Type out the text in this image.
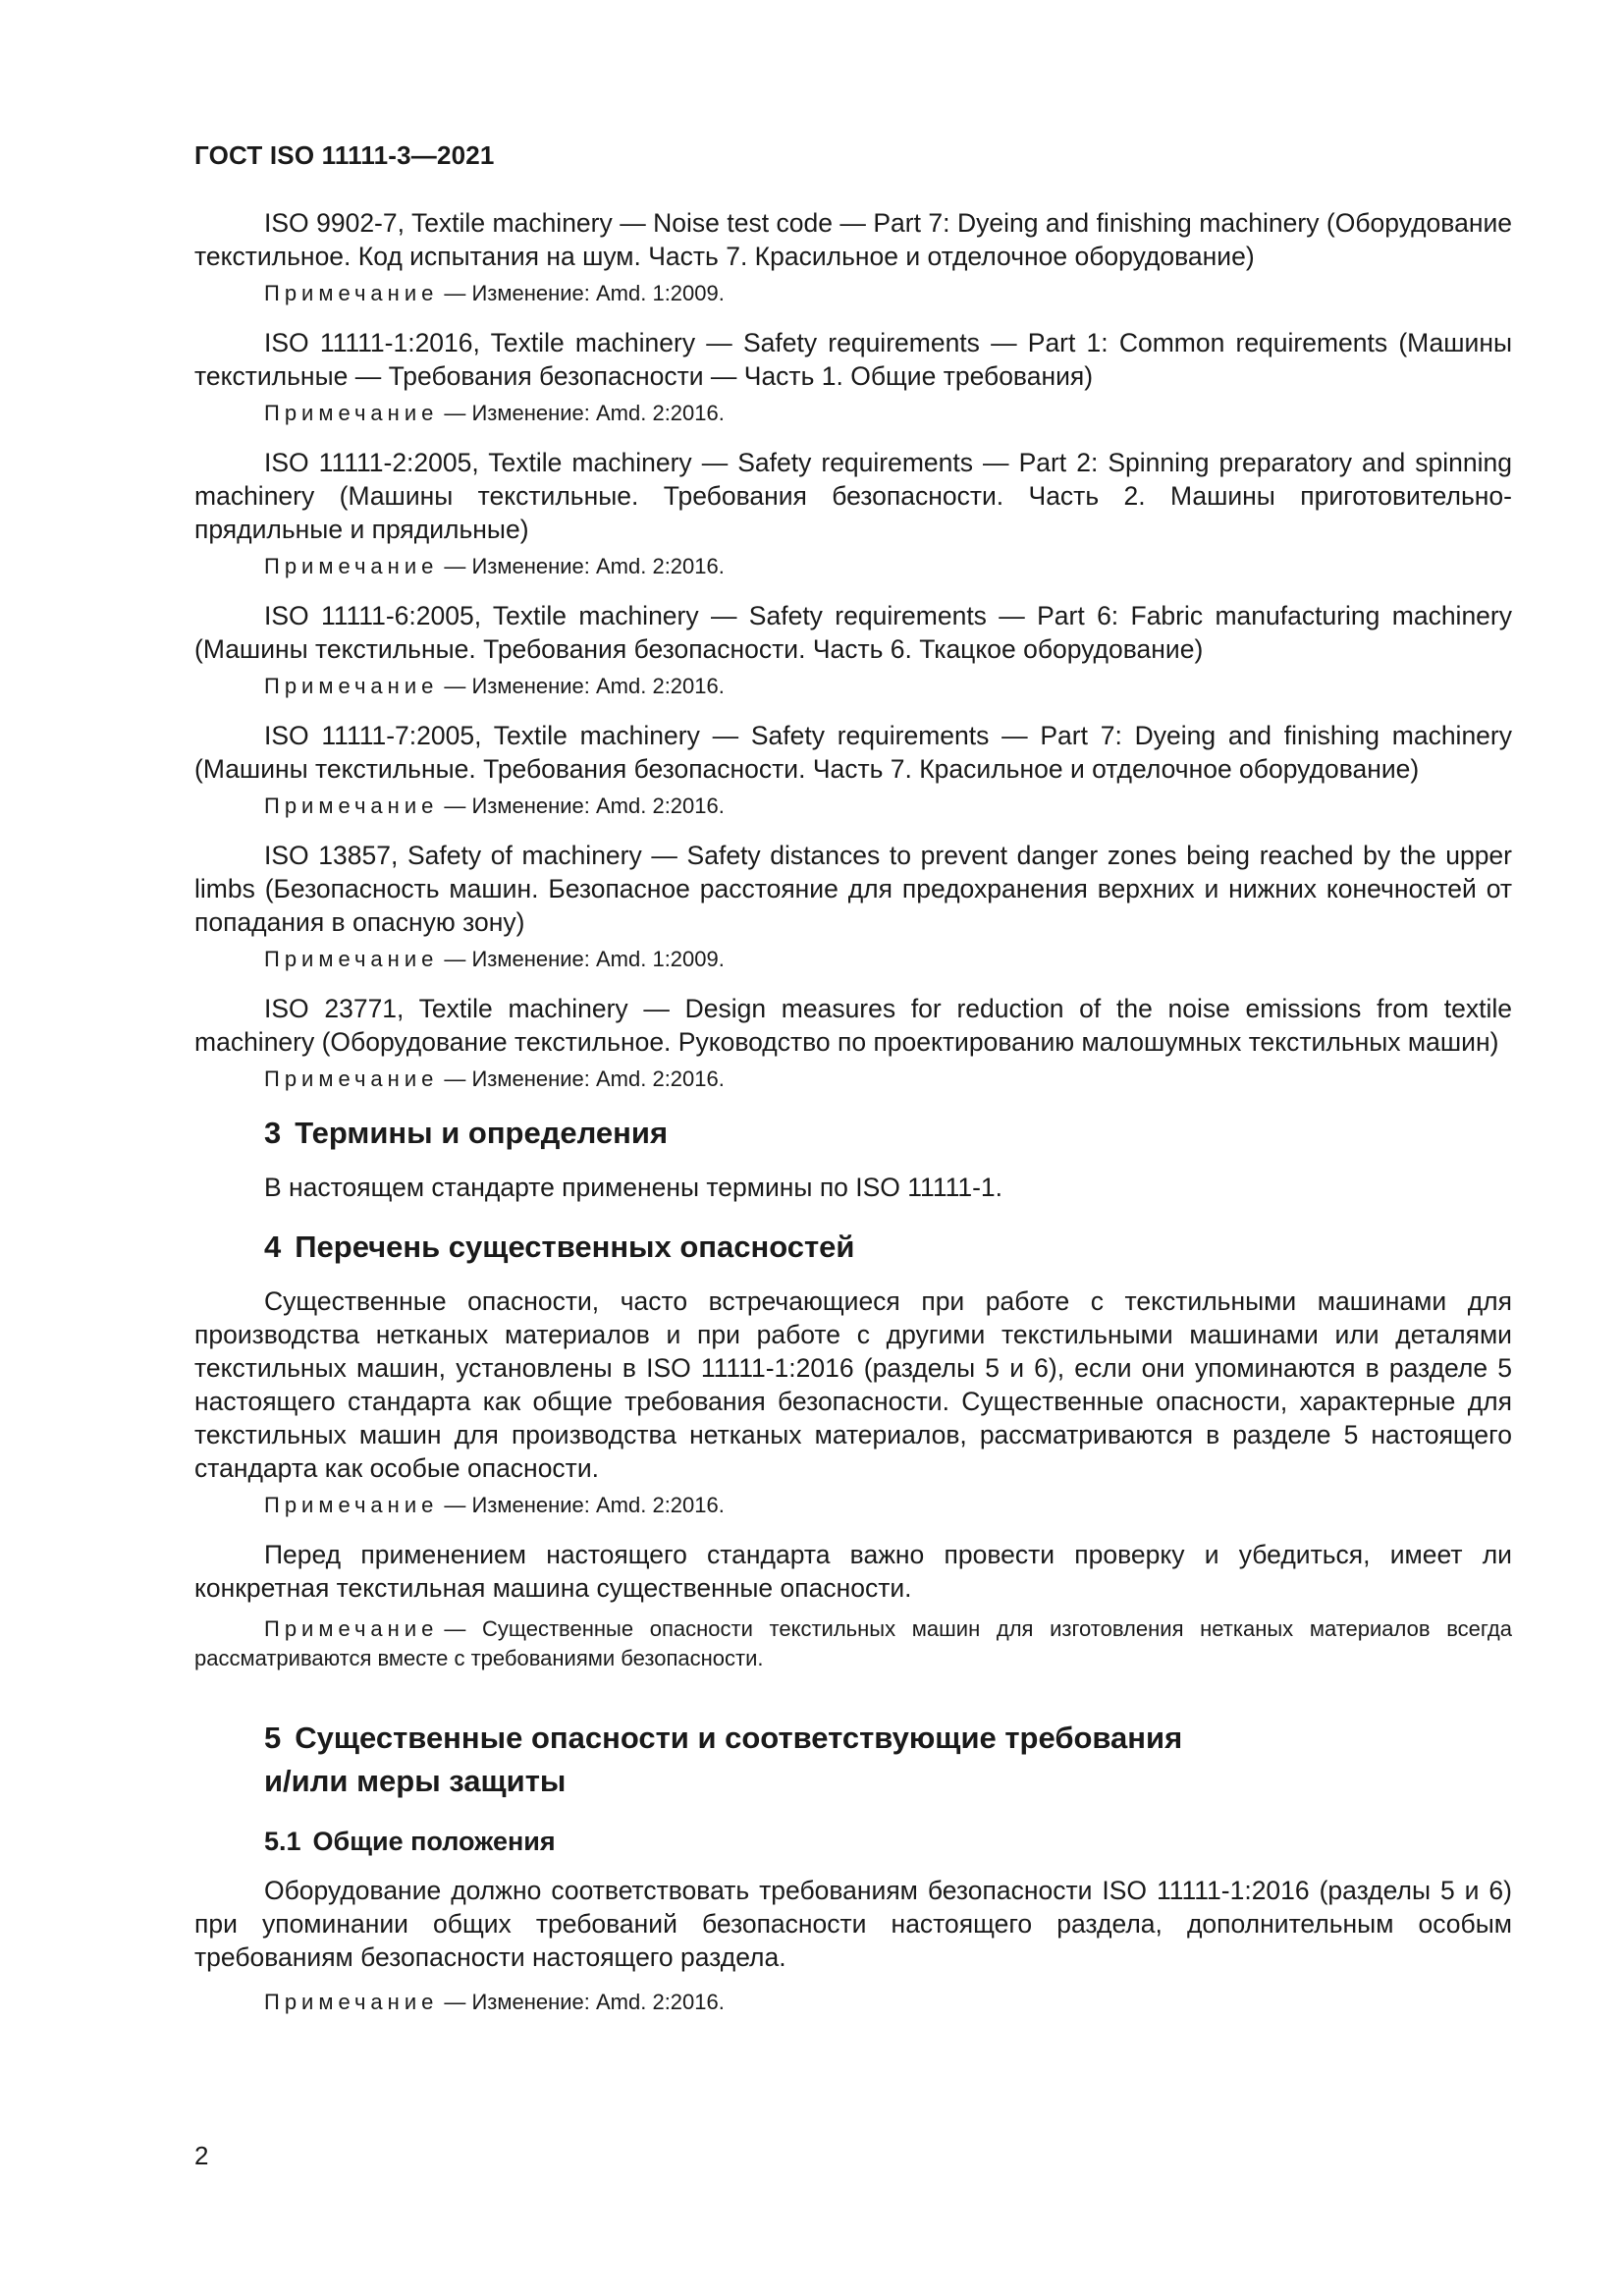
ГОСТ ISO 11111-3—2021

ISO 9902-7, Textile machinery — Noise test code — Part 7: Dyeing and finishing machinery (Оборудование текстильное. Код испытания на шум. Часть 7. Красильное и отделочное оборудование)

Примечание — Изменение: Amd. 1:2009.

ISO 11111-1:2016, Textile machinery — Safety requirements — Part 1: Common requirements (Машины текстильные — Требования безопасности — Часть 1. Общие требования)

Примечание — Изменение: Amd. 2:2016.

ISO 11111-2:2005, Textile machinery — Safety requirements — Part 2: Spinning preparatory and spinning machinery (Машины текстильные. Требования безопасности. Часть 2. Машины приготовительно-прядильные и прядильные)

Примечание — Изменение: Amd. 2:2016.

ISO 11111-6:2005, Textile machinery — Safety requirements — Part 6: Fabric manufacturing machinery (Машины текстильные. Требования безопасности. Часть 6. Ткацкое оборудование)

Примечание — Изменение: Amd. 2:2016.

ISO 11111-7:2005, Textile machinery — Safety requirements — Part 7: Dyeing and finishing machinery (Машины текстильные. Требования безопасности. Часть 7. Красильное и отделочное оборудование)

Примечание — Изменение: Amd. 2:2016.

ISO 13857, Safety of machinery — Safety distances to prevent danger zones being reached by the upper limbs (Безопасность машин. Безопасное расстояние для предохранения верхних и нижних конечностей от попадания в опасную зону)

Примечание — Изменение: Amd. 1:2009.

ISO 23771, Textile machinery — Design measures for reduction of the noise emissions from textile machinery (Оборудование текстильное. Руководство по проектированию малошумных текстильных машин)

Примечание — Изменение: Amd. 2:2016.
3 Термины и определения

В настоящем стандарте применены термины по ISO 11111-1.

4 Перечень существенных опасностей

Существенные опасности, часто встречающиеся при работе с текстильными машинами для производства нетканых материалов и при работе с другими текстильными машинами или деталями текстильных машин, установлены в ISO 11111-1:2016 (разделы 5 и 6), если они упоминаются в разделе 5 настоящего стандарта как общие требования безопасности. Существенные опасности, характерные для текстильных машин для производства нетканых материалов, рассматриваются в разделе 5 настоящего стандарта как особые опасности.

Примечание — Изменение: Amd. 2:2016.

Перед применением настоящего стандарта важно провести проверку и убедиться, имеет ли конкретная текстильная машина существенные опасности.

Примечание — Существенные опасности текстильных машин для изготовления нетканых материалов всегда рассматриваются вместе с требованиями безопасности.
5 Существенные опасности и соответствующие требования
и/или меры защиты
5.1 Общие положения

Оборудование должно соответствовать требованиям безопасности ISO 11111-1:2016 (разделы 5 и 6) при упоминании общих требований безопасности настоящего раздела, дополнительным особым требованиям безопасности настоящего раздела.

Примечание — Изменение: Amd. 2:2016.
2
